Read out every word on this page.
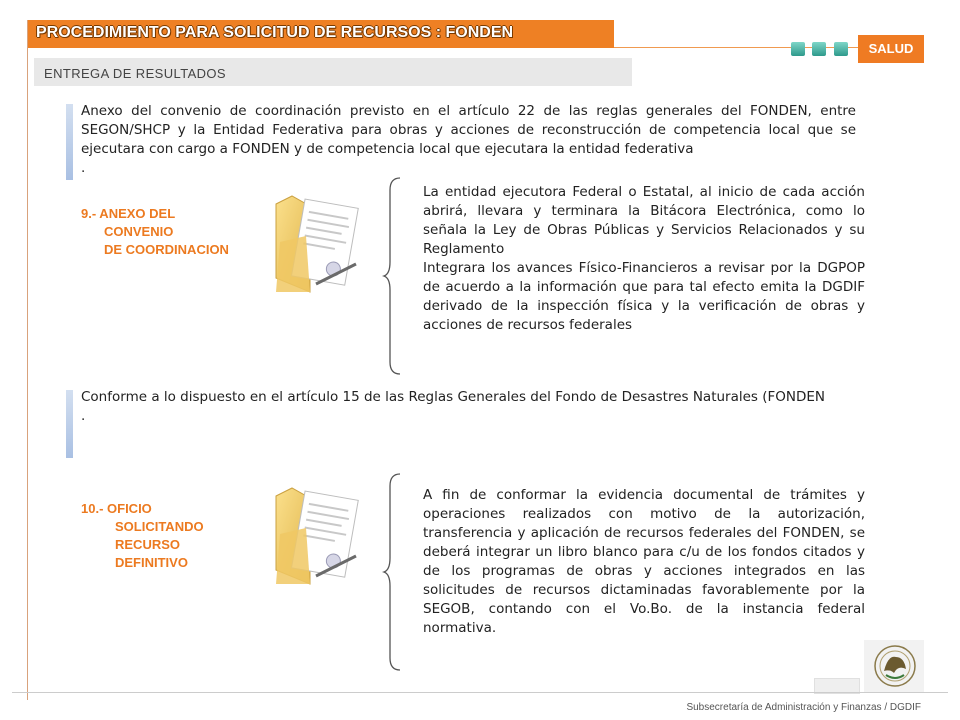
PROCEDIMIENTO PARA SOLICITUD DE RECURSOS : FONDEN
SALUD
ENTREGA DE RESULTADOS

Anexo del convenio de coordinación previsto en el artículo 22 de las reglas generales del FONDEN, entre SEGON/SHCP y la Entidad Federativa para obras y acciones de reconstrucción de competencia local que se ejecutara con cargo a FONDEN y de competencia local que ejecutara la entidad federativa

.

9.- ANEXO DEL
CONVENIO
DE COORDINACION

La entidad ejecutora Federal o Estatal, al inicio de cada acción abrirá, llevara y terminara la Bitácora Electrónica, como lo señala la Ley de Obras Públicas y Servicios Relacionados y su Reglamento

Integrara los avances Físico-Financieros a revisar por la DGPOP de acuerdo a la información que para tal efecto emita la DGDIF derivado de la inspección física y la verificación de obras y acciones de recursos federales

Conforme a lo dispuesto en el artículo 15 de las Reglas Generales del Fondo de Desastres Naturales (FONDEN

.

10.- OFICIO
SOLICITANDO
RECURSO
DEFINITIVO

A fin de conformar la evidencia documental de trámites y operaciones realizados con motivo de la autorización, transferencia y aplicación de recursos federales del FONDEN, se deberá integrar un libro blanco para c/u de los fondos citados y de los programas de obras y acciones integrados en las solicitudes de recursos dictaminadas favorablemente por la SEGOB, contando con el Vo.Bo. de la instancia federal normativa.

Subsecretaría de Administración y Finanzas / DGDIF
